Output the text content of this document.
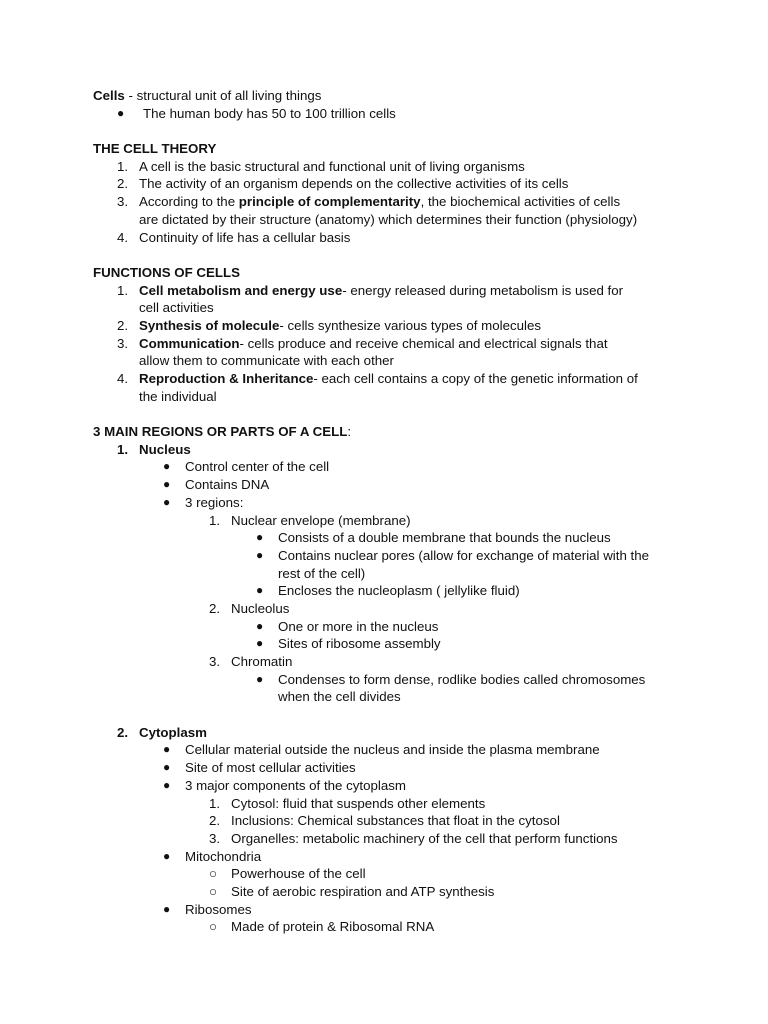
Cells - structural unit of all living things
● The human body has 50 to 100 trillion cells
THE CELL THEORY
1. A cell is the basic structural and functional unit of living organisms
2. The activity of an organism depends on the collective activities of its cells
3. According to the principle of complementarity, the biochemical activities of cells
are dictated by their structure (anatomy) which determines their function (physiology)
4. Continuity of life has a cellular basis
FUNCTIONS OF CELLS
1. Cell metabolism and energy use- energy released during metabolism is used for
cell activities
2. Synthesis of molecule- cells synthesize various types of molecules
3. Communication- cells produce and receive chemical and electrical signals that
allow them to communicate with each other
4. Reproduction & Inheritance- each cell contains a copy of the genetic information of
the individual
3 MAIN REGIONS OR PARTS OF A CELL:
1. Nucleus
● Control center of the cell
● Contains DNA
● 3 regions:
1. Nuclear envelope (membrane)
● Consists of a double membrane that bounds the nucleus
● Contains nuclear pores (allow for exchange of material with the
rest of the cell)
● Encloses the nucleoplasm ( jellylike fluid)
2. Nucleolus
● One or more in the nucleus
● Sites of ribosome assembly
3. Chromatin
● Condenses to form dense, rodlike bodies called chromosomes
when the cell divides
2. Cytoplasm
● Cellular material outside the nucleus and inside the plasma membrane
● Site of most cellular activities
● 3 major components of the cytoplasm
1. Cytosol: fluid that suspends other elements
2. Inclusions: Chemical substances that float in the cytosol
3. Organelles: metabolic machinery of the cell that perform functions
● Mitochondria
○ Powerhouse of the cell
○ Site of aerobic respiration and ATP synthesis
● Ribosomes
○ Made of protein & Ribosomal RNA
